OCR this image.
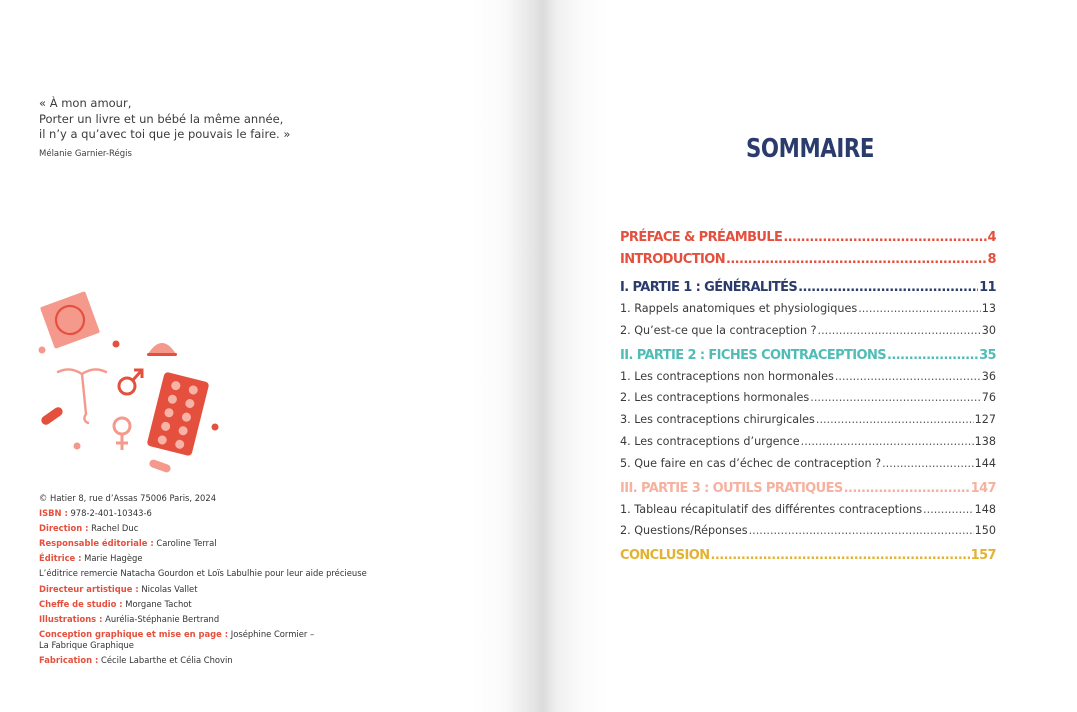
« À mon amour,
Porter un livre et un bébé la même année,
il n’y a qu’avec toi que je pouvais le faire. »
Mélanie Garnier-Régis
© Hatier 8, rue d’Assas 75006 Paris, 2024
ISBN : 978-2-401-10343-6
Direction : Rachel Duc
Responsable éditoriale : Caroline Terral
Éditrice : Marie Hagège
L’éditrice remercie Natacha Gourdon et Loïs Labulhie pour leur aide précieuse
Directeur artistique : Nicolas Vallet
Cheffe de studio : Morgane Tachot
Illustrations : Aurélia-Stéphanie Bertrand
Conception graphique et mise en page : Joséphine Cormier –
La Fabrique Graphique
Fabrication : Cécile Labarthe et Célia Chovin
SOMMAIRE
PRÉFACE & PRÉAMBULE .....	4
INTRODUCTION .....	8
I. PARTIE 1 : GÉNÉRALITÉS .....	11
1. Rappels anatomiques et physiologiques .....	13
2. Qu’est-ce que la contraception ? .....	30
II. PARTIE 2 : FICHES CONTRACEPTIONS .....	35
1. Les contraceptions non hormonales .....	36
2. Les contraceptions hormonales .....	76
3. Les contraceptions chirurgicales .....	127
4. Les contraceptions d’urgence .....	138
5. Que faire en cas d’échec de contraception ? .....	144
III. PARTIE 3 : OUTILS PRATIQUES .....	147
1. Tableau récapitulatif des différentes contraceptions .....	148
2. Questions/Réponses .....	150
CONCLUSION .....	157
